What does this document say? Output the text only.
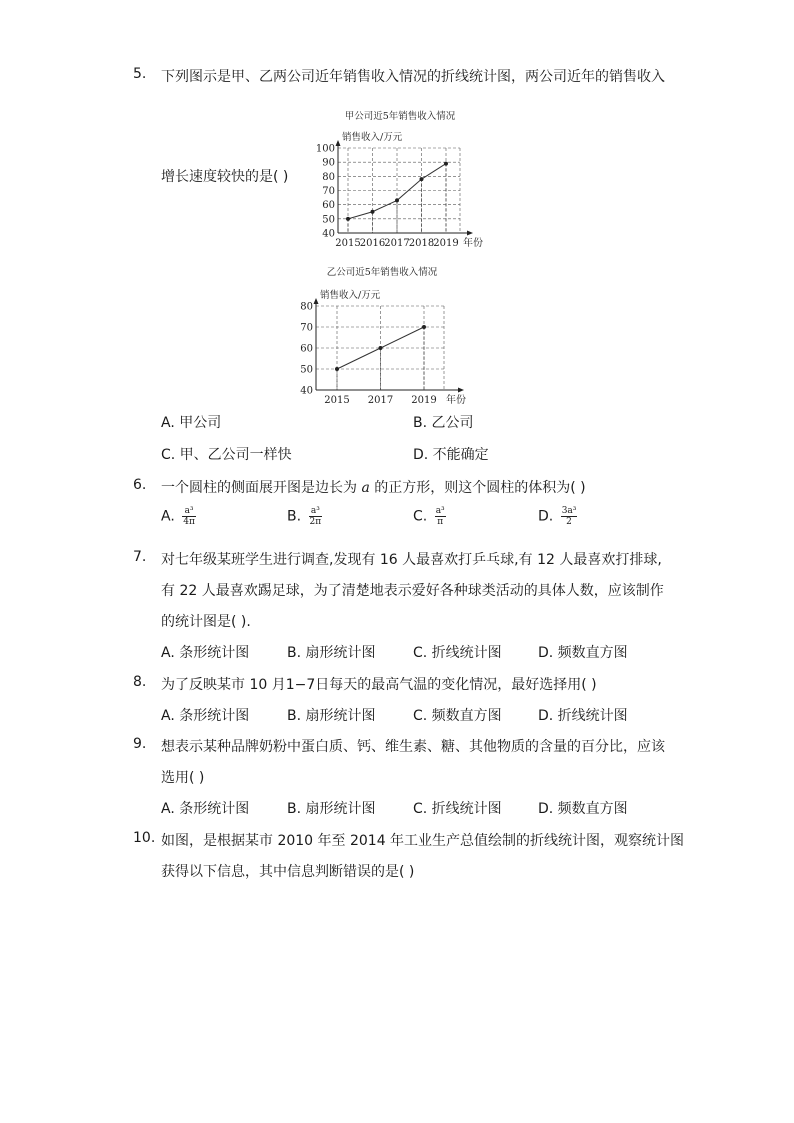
5.	下列图示是甲、乙两公司近年销售收入情况的折线统计图，两公司近年的销售收入
增长速度较快的是( )
甲公司近5年销售收入情况
销售收入/万元
40
50
60
70
80
90
100
2015 2016 2017 2018 2019 年份
乙公司近5年销售收入情况
销售收入/万元
40
50
60
70
80
2015 2017 2019 年份
A. 甲公司	B. 乙公司
C. 甲、乙公司一样快	D. 不能确定
6.	一个圆柱的侧面展开图是边长为 a 的正方形，则这个圆柱的体积为( )
A. $\frac{\text{a³}}{4\pi}$	B. $\frac{\text{a³}}{2\pi}$	C. $\frac{\text{a³}}{\pi}$	D. $\frac{\text{3a³}}{2}$
7.	对七年级某班学生进行调查,发现有 16 人最喜欢打乒乓球,有 12 人最喜欢打排球,
有 22 人最喜欢踢足球，为了清楚地表示爱好各种球类活动的具体人数，应该制作
的统计图是( ).
A. 条形统计图	B. 扇形统计图	C. 折线统计图	D. 频数直方图
8.	为了反映某市 10 月1−7日每天的最高气温的变化情况，最好选择用( )
A. 条形统计图	B. 扇形统计图	C. 频数直方图	D. 折线统计图
9.	想表示某种品牌奶粉中蛋白质、钙、维生素、糖、其他物质的含量的百分比，应该
选用( )
A. 条形统计图	B. 扇形统计图	C. 折线统计图	D. 频数直方图
10. 如图，是根据某市 2010 年至 2014 年工业生产总值绘制的折线统计图，观察统计图
获得以下信息，其中信息判断错误的是( )
